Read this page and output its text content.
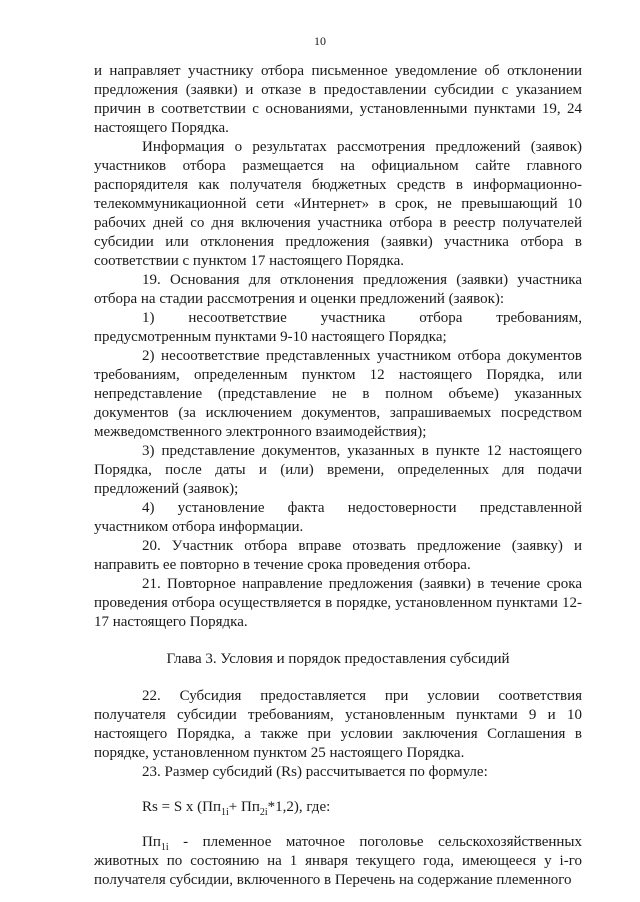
10

и направляет участнику отбора письменное уведомление об отклонении предложения (заявки) и отказе в предоставлении субсидии с указанием причин в соответствии с основаниями, установленными пунктами 19, 24 настоящего Порядка.

Информация о результатах рассмотрения предложений (заявок) участников отбора размещается на официальном сайте главного распорядителя как получателя бюджетных средств в информационно-телекоммуникационной сети «Интернет» в срок, не превышающий 10 рабочих дней со дня включения участника отбора в реестр получателей субсидии или отклонения предложения (заявки) участника отбора в соответствии с пунктом 17 настоящего Порядка.

19. Основания для отклонения предложения (заявки) участника отбора на стадии рассмотрения и оценки предложений (заявок):

1) несоответствие участника отбора требованиям, предусмотренным пунктами 9-10 настоящего Порядка;

2) несоответствие представленных участником отбора документов требованиям, определенным пунктом 12 настоящего Порядка, или непредставление (представление не в полном объеме) указанных документов (за исключением документов, запрашиваемых посредством межведомственного электронного взаимодействия);

3) представление документов, указанных в пункте 12 настоящего Порядка, после даты и (или) времени, определенных для подачи предложений (заявок);

4) установление факта недостоверности представленной участником отбора информации.

20. Участник отбора вправе отозвать предложение (заявку) и направить ее повторно в течение срока проведения отбора.

21. Повторное направление предложения (заявки) в течение срока проведения отбора осуществляется в порядке, установленном пунктами 12-17 настоящего Порядка.

Глава 3. Условия и порядок предоставления субсидий

22. Субсидия предоставляется при условии соответствия получателя субсидии требованиям, установленным пунктами 9 и 10 настоящего Порядка, а также при условии заключения Соглашения в порядке, установленном пунктом 25 настоящего Порядка.

23. Размер субсидий (Rs) рассчитывается по формуле:

Rs = S x $(Пп_{1i}+ Пп_{2i}*1,2)$, где:

$Пп_{1i}$ - племенное маточное поголовье сельскохозяйственных животных по состоянию на 1 января текущего года, имеющееся у i-го получателя субсидии, включенного в Перечень на содержание племенного
